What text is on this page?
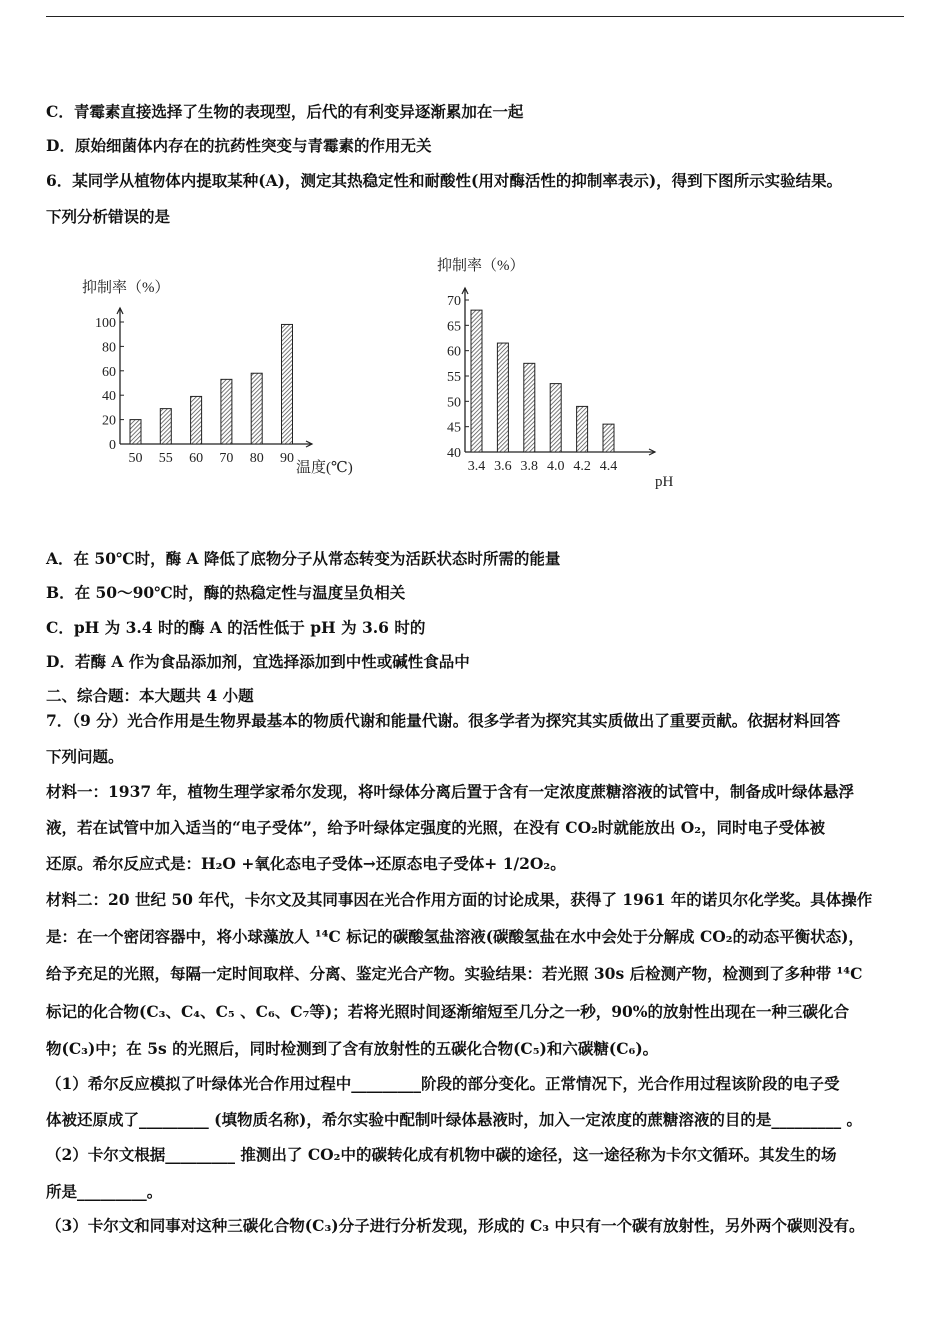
C．青霉素直接选择了生物的表现型，后代的有利变异逐渐累加在一起
D．原始细菌体内存在的抗药性突变与青霉素的作用无关
6．某同学从植物体内提取某种(A)，测定其热稳定性和耐酸性(用对酶活性的抑制率表示)，得到下图所示实验结果。
下列分析错误的是
抑制率（%）
0
20
40
60
80
100
50 55 60 70 80 90
温度(℃)
抑制率（%）
40
45
50
55
60
65
70
3.4 3.6 3.8 4.0 4.2 4.4
pH
A．在 50℃时，酶 A 降低了底物分子从常态转变为活跃状态时所需的能量
B．在 50～90℃时，酶的热稳定性与温度呈负相关
C．pH 为 3.4 时的酶 A 的活性低于 pH 为 3.6 时的
D．若酶 A 作为食品添加剂，宜选择添加到中性或碱性食品中
二、综合题：本大题共 4 小题
7．（9 分）光合作用是生物界最基本的物质代谢和能量代谢。很多学者为探究其实质做出了重要贡献。依据材料回答
下列问题。
材料一：1937 年，植物生理学家希尔发现，将叶绿体分离后置于含有一定浓度蔗糖溶液的试管中，制备成叶绿体悬浮
液，若在试管中加入适当的“电子受体”，给予叶绿体定强度的光照，在没有 CO₂时就能放出 O₂，同时电子受体被
还原。希尔反应式是：H₂O +氧化态电子受体→还原态电子受体+ 1/2O₂。
材料二：20 世纪 50 年代，卡尔文及其同事因在光合作用方面的讨论成果，获得了 1961 年的诺贝尔化学奖。具体操作
是：在一个密闭容器中，将小球藻放人 ¹⁴C 标记的碳酸氢盐溶液(碳酸氢盐在水中会处于分解成 CO₂的动态平衡状态)，
给予充足的光照，每隔一定时间取样、分离、鉴定光合产物。实验结果：若光照 30s 后检测产物，检测到了多种带 ¹⁴C
标记的化合物(C₃、C₄、C₅ 、C₆、C₇等)；若将光照时间逐渐缩短至几分之一秒，90%的放射性出现在一种三碳化合
物(C₃)中；在 5s 的光照后，同时检测到了含有放射性的五碳化合物(C₅)和六碳糖(C₆)。
（1）希尔反应模拟了叶绿体光合作用过程中_________阶段的部分变化。正常情况下，光合作用过程该阶段的电子受
体被还原成了_________ (填物质名称)，希尔实验中配制叶绿体悬液时，加入一定浓度的蔗糖溶液的目的是_________ 。
（2）卡尔文根据_________ 推测出了 CO₂中的碳转化成有机物中碳的途径，这一途径称为卡尔文循环。其发生的场
所是_________。
（3）卡尔文和同事对这种三碳化合物(C₃)分子进行分析发现，形成的 C₃ 中只有一个碳有放射性，另外两个碳则没有。
